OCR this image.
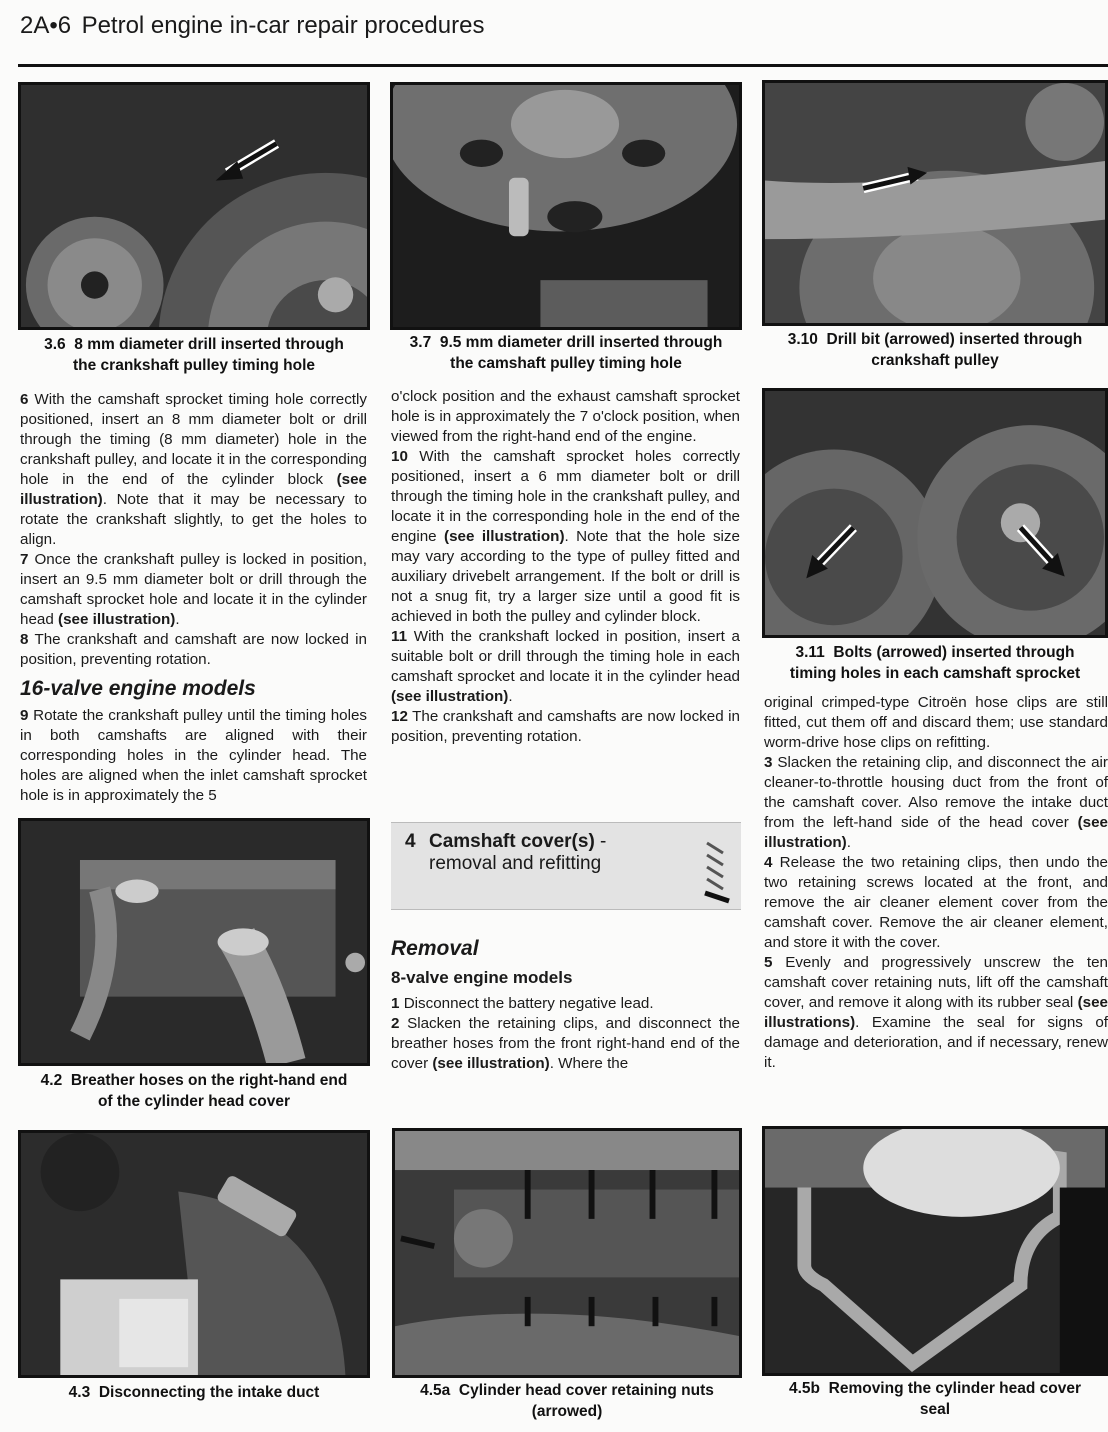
2A•6 Petrol engine in-car repair procedures
3.6 8 mm diameter drill inserted through
the crankshaft pulley timing hole
3.7 9.5 mm diameter drill inserted through
the camshaft pulley timing hole
3.10 Drill bit (arrowed) inserted through
crankshaft pulley

6 With the camshaft sprocket timing hole correctly positioned, insert an 8 mm diameter bolt or drill through the timing (8 mm diameter) hole in the crankshaft pulley, and locate it in the corresponding hole in the end of the cylinder block (see illustration). Note that it may be necessary to rotate the crankshaft slightly, to get the holes to align.

7 Once the crankshaft pulley is locked in position, insert an 9.5 mm diameter bolt or drill through the camshaft sprocket hole and locate it in the cylinder head (see illustration).

8 The crankshaft and camshaft are now locked in position, preventing rotation.

16-valve engine models

9 Rotate the crankshaft pulley until the timing holes in both camshafts are aligned with their corresponding holes in the cylinder head. The holes are aligned when the inlet camshaft sprocket hole is in approximately the 5

4.2 Breather hoses on the right-hand end
of the cylinder head cover

o'clock position and the exhaust camshaft sprocket hole is in approximately the 7 o'clock position, when viewed from the right-hand end of the engine.

10 With the camshaft sprocket holes correctly positioned, insert a 6 mm diameter bolt or drill through the timing hole in the crankshaft pulley, and locate it in the corresponding hole in the end of the engine (see illustration). Note that the hole size may vary according to the type of pulley fitted and auxiliary drivebelt arrangement. If the bolt or drill is not a snug fit, try a larger size until a good fit is achieved in both the pulley and cylinder block.

11 With the crankshaft locked in position, insert a suitable bolt or drill through the timing hole in each camshaft sprocket and locate it in the cylinder head (see illustration).

12 The crankshaft and camshafts are now locked in position, preventing rotation.

4 Camshaft cover(s) -
removal and refitting
Removal
8-valve engine models

1 Disconnect the battery negative lead.

2 Slacken the retaining clips, and disconnect the breather hoses from the front right-hand end of the cover (see illustration). Where the

3.11 Bolts (arrowed) inserted through
timing holes in each camshaft sprocket

original crimped-type Citroën hose clips are still fitted, cut them off and discard them; use standard worm-drive hose clips on refitting.

3 Slacken the retaining clip, and disconnect the air cleaner-to-throttle housing duct from the front of the camshaft cover. Also remove the intake duct from the left-hand side of the head cover (see illustration).

4 Release the two retaining clips, then undo the two retaining screws located at the front, and remove the air cleaner element cover from the camshaft cover. Remove the air cleaner element, and store it with the cover.

5 Evenly and progressively unscrew the ten camshaft cover retaining nuts, lift off the camshaft cover, and remove it along with its rubber seal (see illustrations). Examine the seal for signs of damage and deterioration, and if necessary, renew it.

4.3 Disconnecting the intake duct	4.5a Cylinder head cover retaining nuts
(arrowed)
4.5b Removing the cylinder head cover
seal
